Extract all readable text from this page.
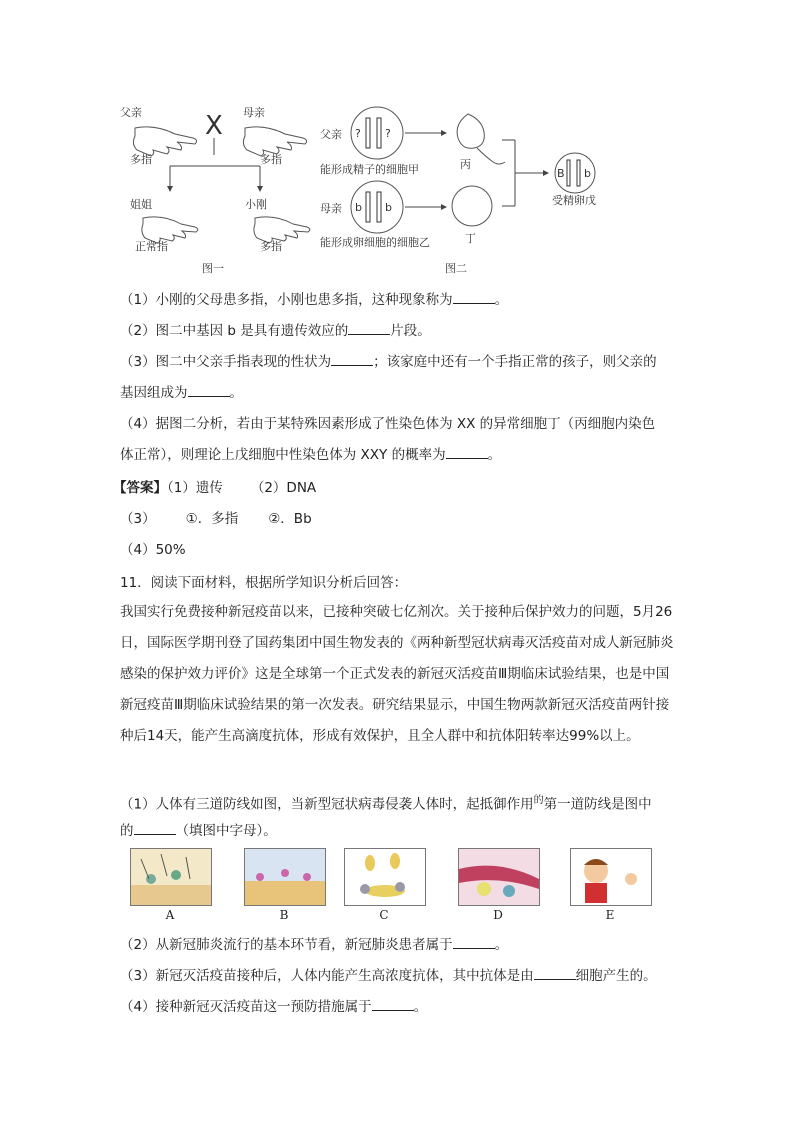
父亲
多指
X 母亲
多指
姐姐
正常指
小刚
多指
图一
父亲 ? ?
能形成精子的细胞甲
母亲 b b
能形成卵细胞的细胞乙
丙
丁
B b
受精卵戊
图二
（1）小刚的父母患多指，小刚也患多指，这种现象称为	。
（2）图二中基因 b 是具有遗传效应的	片段。
（3）图二中父亲手指表现的性状为	；该家庭中还有一个手指正常的孩子，则父亲的
基因组成为	。
（4）据图二分析，若由于某特殊因素形成了性染色体为 XX 的异常细胞丁（丙细胞内染色
体正常），则理论上戊细胞中性染色体为 XXY 的概率为	。
【答案】（1）遗传 （2）DNA
（3） ①．多指 ②．Bb
（4）50%
11．阅读下面材料，根据所学知识分析后回答：
我国实行免费接种新冠疫苗以来，已接种突破七亿剂次。关于接种后保护效力的问题，5月26日，国际医学期刊登了国药集团中国生物发表的《两种新型冠状病毒灭活疫苗对成人新冠肺炎感染的保护效力评价》这是全球第一个正式发表的新冠灭活疫苗Ⅲ期临床试验结果，也是中国新冠疫苗Ⅲ期临床试验结果的第一次发表。研究结果显示，中国生物两款新冠灭活疫苗两针接种后14天，能产生高滴度抗体，形成有效保护，且全人群中和抗体阳转率达99%以上。
（1）人体有三道防线如图，当新型冠状病毒侵袭人体时，起抵御作用$^的$第一道防线是图中
的	（填图中字母）。
A	B	C	D	E
（2）从新冠肺炎流行的基本环节看，新冠肺炎患者属于	。
（3）新冠灭活疫苗接种后，人体内能产生高浓度抗体，其中抗体是由	细胞产生的。
（4）接种新冠灭活疫苗这一预防措施属于	。
